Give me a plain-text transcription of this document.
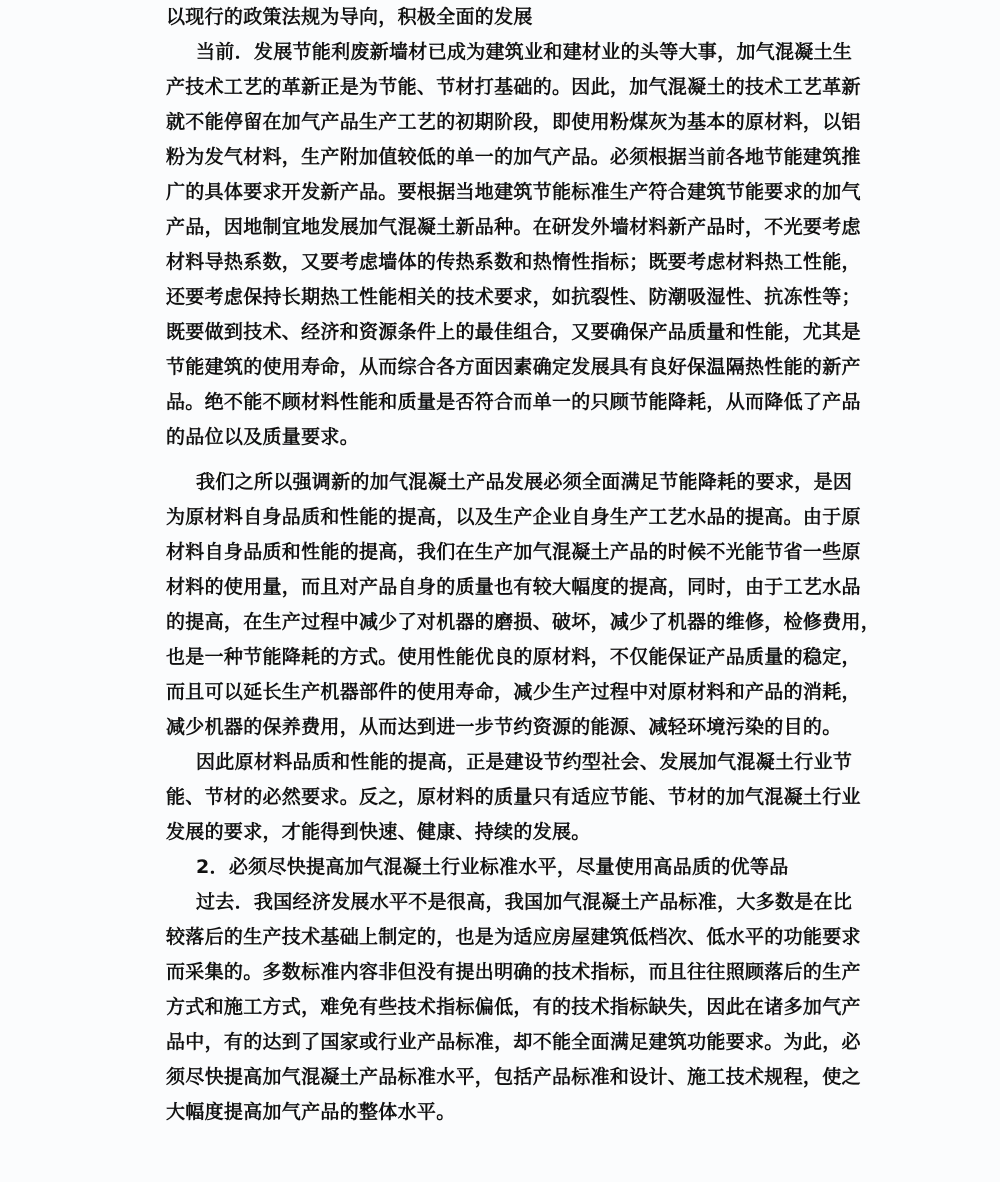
以现行的政策法规为导向，积极全面的发展
当前．发展节能利废新墙材已成为建筑业和建材业的头等大事，加气混凝土生
产技术工艺的革新正是为节能、节材打基础的。因此，加气混凝土的技术工艺革新
就不能停留在加气产品生产工艺的初期阶段，即使用粉煤灰为基本的原材料，以铝
粉为发气材料，生产附加值较低的单一的加气产品。必须根据当前各地节能建筑推
广的具体要求开发新产品。要根据当地建筑节能标准生产符合建筑节能要求的加气
产品，因地制宜地发展加气混凝土新品种。在研发外墙材料新产品时，不光要考虑
材料导热系数，又要考虑墙体的传热系数和热惰性指标；既要考虑材料热工性能，
还要考虑保持长期热工性能相关的技术要求，如抗裂性、防潮吸湿性、抗冻性等；
既要做到技术、经济和资源条件上的最佳组合，又要确保产品质量和性能，尤其是
节能建筑的使用寿命，从而综合各方面因素确定发展具有良好保温隔热性能的新产
品。绝不能不顾材料性能和质量是否符合而单一的只顾节能降耗，从而降低了产品
的品位以及质量要求。
我们之所以强调新的加气混凝土产品发展必须全面满足节能降耗的要求，是因
为原材料自身品质和性能的提高，以及生产企业自身生产工艺水品的提高。由于原
材料自身品质和性能的提高，我们在生产加气混凝土产品的时候不光能节省一些原
材料的使用量，而且对产品自身的质量也有较大幅度的提高，同时，由于工艺水品
的提高，在生产过程中减少了对机器的磨损、破坏，减少了机器的维修，检修费用，
也是一种节能降耗的方式。使用性能优良的原材料，不仅能保证产品质量的稳定，
而且可以延长生产机器部件的使用寿命，减少生产过程中对原材料和产品的消耗，
减少机器的保养费用，从而达到进一步节约资源的能源、减轻环境污染的目的。
因此原材料品质和性能的提高，正是建设节约型社会、发展加气混凝土行业节
能、节材的必然要求。反之，原材料的质量只有适应节能、节材的加气混凝土行业
发展的要求，才能得到快速、健康、持续的发展。
2．必须尽快提高加气混凝土行业标准水平，尽量使用高品质的优等品
过去．我国经济发展水平不是很高，我国加气混凝土产品标准，大多数是在比
较落后的生产技术基础上制定的，也是为适应房屋建筑低档次、低水平的功能要求
而采集的。多数标准内容非但没有提出明确的技术指标，而且往往照顾落后的生产
方式和施工方式，难免有些技术指标偏低，有的技术指标缺失，因此在诸多加气产
品中，有的达到了国家或行业产品标准，却不能全面满足建筑功能要求。为此，必
须尽快提高加气混凝土产品标准水平，包括产品标准和设计、施工技术规程，使之
大幅度提高加气产品的整体水平。
